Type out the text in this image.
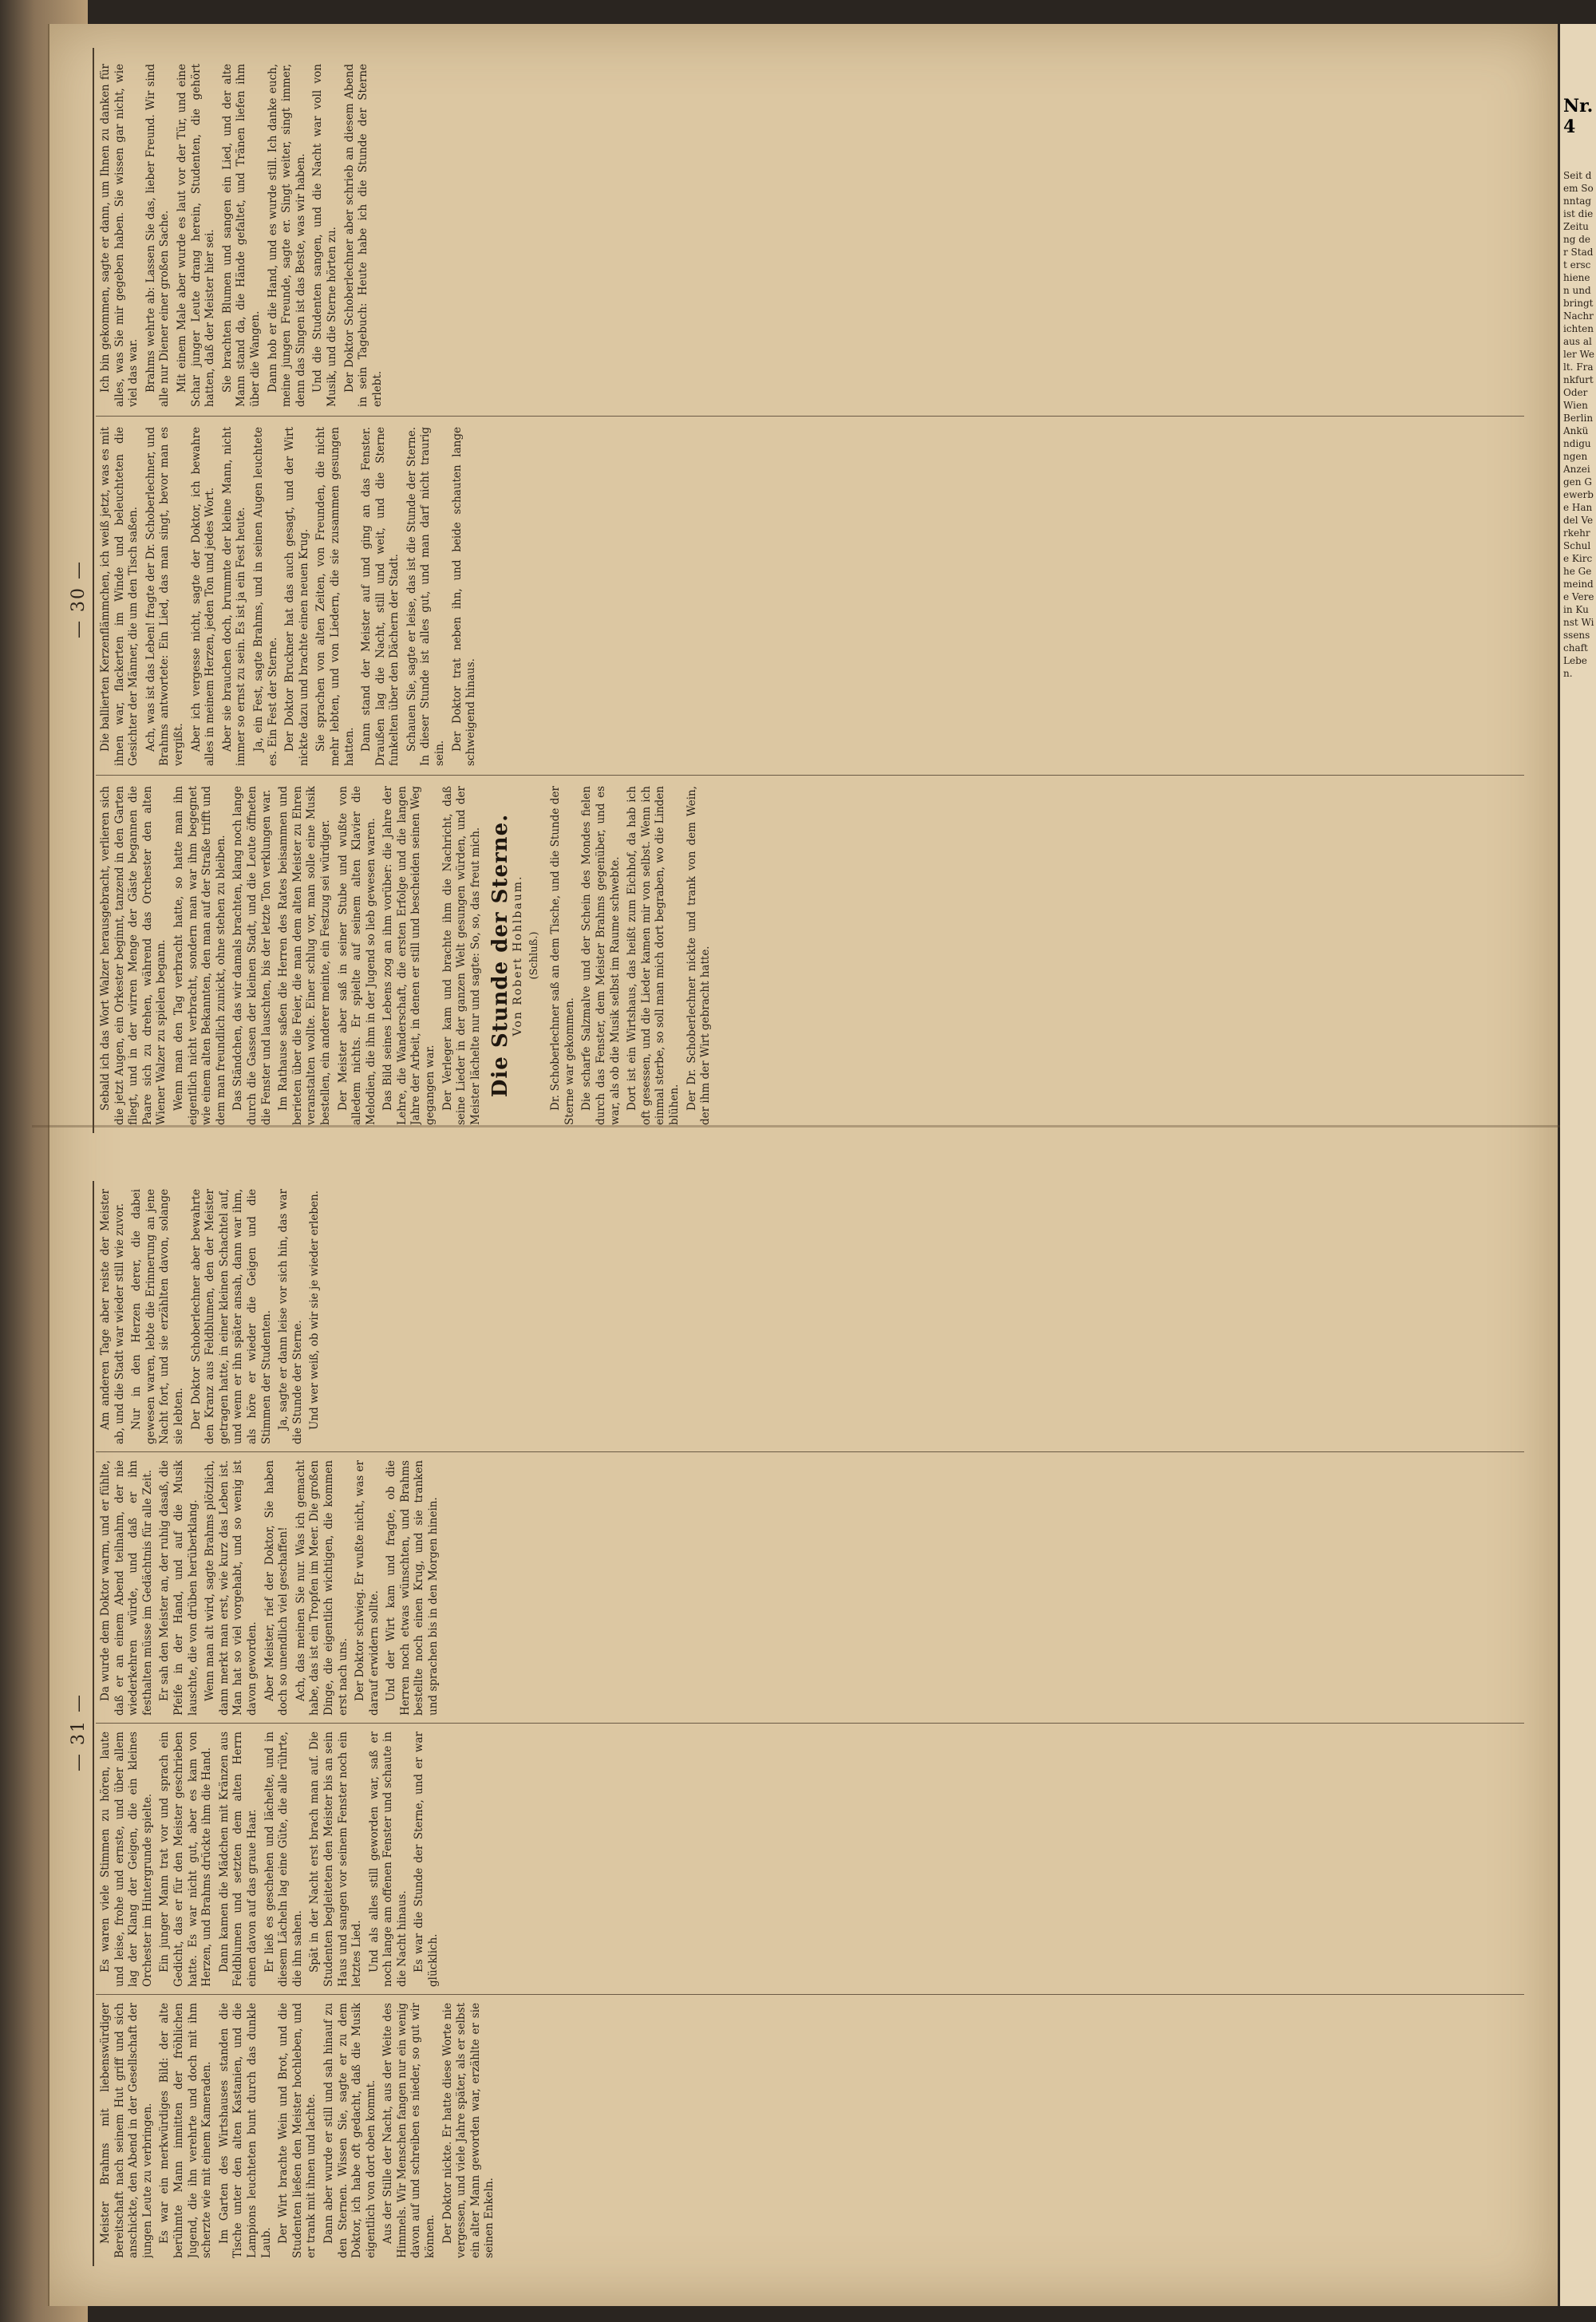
— 30 —

Sebald ich das Wort Walzer herausgebracht, verlieren sich die jetzt Augen, ein Orkester beginnt, tanzend in den Garten fliegt, und in der wirren Menge der Gäste begannen die Paare sich zu drehen, während das Orchester den alten Wiener Walzer zu spielen begann. Wenn man den Tag verbracht hatte, so hatte man ihn eigentlich nicht verbracht, sondern man war ihm begegnet wie einem alten Bekannten, den man auf der Straße trifft und dem man freundlich zunickt, ohne stehen zu bleiben. Das Ständchen, das wir damals brachten, klang noch lange durch die Gassen der kleinen Stadt, und die Leute öffneten die Fenster und lauschten, bis der letzte Ton verklungen war. Im Rathause saßen die Herren des Rates beisammen und berieten über die Feier, die man dem alten Meister zu Ehren veranstalten wollte. Einer schlug vor, man solle eine Musik bestellen, ein anderer meinte, ein Festzug sei würdiger. Der Meister aber saß in seiner Stube und wußte von alledem nichts. Er spielte auf seinem alten Klavier die Melodien, die ihm in der Jugend so lieb gewesen waren. Das Bild seines Lebens zog an ihm vorüber: die Jahre der Lehre, die Wanderschaft, die ersten Erfolge und die langen Jahre der Arbeit, in denen er still und bescheiden seinen Weg gegangen war. Der Verleger kam und brachte ihm die Nachricht, daß seine Lieder in der ganzen Welt gesungen würden, und der Meister lächelte nur und sagte: So, so, das freut mich. Die Stunde der Sterne.
Von Robert Hohlbaum. (Schluß.) Dr. Schoberlechner saß an dem Tische, und die Stunde der Sterne war gekommen. Die scharfe Salzmalve und der Schein des Mondes fielen durch das Fenster, dem Meister Brahms gegenüber, und es war, als ob die Musik selbst im Raume schwebte. Dort ist ein Wirtshaus, das heißt zum Eichhof, da hab ich oft gesessen, und die Lieder kamen mir von selbst. Wenn ich einmal sterbe, so soll man mich dort begraben, wo die Linden blühen. Der Dr. Schoberlechner nickte und trank von dem Wein, der ihm der Wirt gebracht hatte.

Die ballierten Kerzenflämmchen, ich weiß jetzt, was es mit ihnen war, flackerten im Winde und beleuchteten die Gesichter der Männer, die um den Tisch saßen. Ach, was ist das Leben! fragte der Dr. Schoberlechner, und Brahms antwortete: Ein Lied, das man singt, bevor man es vergißt. Aber ich vergesse nicht, sagte der Doktor, ich bewahre alles in meinem Herzen, jeden Ton und jedes Wort. Aber sie brauchen doch, brummte der kleine Mann, nicht immer so ernst zu sein. Es ist ja ein Fest heute. Ja, ein Fest, sagte Brahms, und in seinen Augen leuchtete es. Ein Fest der Sterne. Der Doktor Bruckner hat das auch gesagt, und der Wirt nickte dazu und brachte einen neuen Krug. Sie sprachen von alten Zeiten, von Freunden, die nicht mehr lebten, und von Liedern, die sie zusammen gesungen hatten. Dann stand der Meister auf und ging an das Fenster. Draußen lag die Nacht, still und weit, und die Sterne funkelten über den Dächern der Stadt. Schauen Sie, sagte er leise, das ist die Stunde der Sterne. In dieser Stunde ist alles gut, und man darf nicht traurig sein.

Der Doktor trat neben ihn, und beide schauten lange schweigend hinaus.

Ich bin gekommen, sagte er dann, um Ihnen zu danken für alles, was Sie mir gegeben haben. Sie wissen gar nicht, wie viel das war. Brahms wehrte ab: Lassen Sie das, lieber Freund. Wir sind alle nur Diener einer großen Sache. Mit einem Male aber wurde es laut vor der Tür, und eine Schar junger Leute drang herein, Studenten, die gehört hatten, daß der Meister hier sei. Sie brachten Blumen und sangen ein Lied, und der alte Mann stand da, die Hände gefaltet, und Tränen liefen ihm über die Wangen. Dann hob er die Hand, und es wurde still. Ich danke euch, meine jungen Freunde, sagte er. Singt weiter, singt immer, denn das Singen ist das Beste, was wir haben. Und die Studenten sangen, und die Nacht war voll von Musik, und die Sterne hörten zu. Der Doktor Schoberlechner aber schrieb an diesem Abend in sein Tagebuch: Heute habe ich die Stunde der Sterne erlebt.

— 31 —

Meister Brahms mit liebenswürdiger Bereitschaft nach seinem Hut griff und sich anschickte, den Abend in der Gesellschaft der jungen Leute zu verbringen. Es war ein merkwürdiges Bild: der alte berühmte Mann inmitten der fröhlichen Jugend, die ihn verehrte und doch mit ihm scherzte wie mit einem Kameraden. Im Garten des Wirtshauses standen die Tische unter den alten Kastanien, und die Lampions leuchteten bunt durch das dunkle Laub. Der Wirt brachte Wein und Brot, und die Studenten ließen den Meister hochleben, und er trank mit ihnen und lachte. Dann aber wurde er still und sah hinauf zu den Sternen. Wissen Sie, sagte er zu dem Doktor, ich habe oft gedacht, daß die Musik eigentlich von dort oben kommt. Aus der Stille der Nacht, aus der Weite des Himmels. Wir Menschen fangen nur ein wenig davon auf und schreiben es nieder, so gut wir können. Der Doktor nickte. Er hatte diese Worte nie vergessen, und viele Jahre später, als er selbst ein alter Mann geworden war, erzählte er sie seinen Enkeln.

Es waren viele Stimmen zu hören, laute und leise, frohe und ernste, und über allem lag der Klang der Geigen, die ein kleines Orchester im Hintergrunde spielte. Ein junger Mann trat vor und sprach ein Gedicht, das er für den Meister geschrieben hatte. Es war nicht gut, aber es kam von Herzen, und Brahms drückte ihm die Hand. Dann kamen die Mädchen mit Kränzen aus Feldblumen und setzten dem alten Herrn einen davon auf das graue Haar. Er ließ es geschehen und lächelte, und in diesem Lächeln lag eine Güte, die alle rührte, die ihn sahen. Spät in der Nacht erst brach man auf. Die Studenten begleiteten den Meister bis an sein Haus und sangen vor seinem Fenster noch ein letztes Lied. Und als alles still geworden war, saß er noch lange am offenen Fenster und schaute in die Nacht hinaus. Es war die Stunde der Sterne, und er war glücklich.

Da wurde dem Doktor warm, und er fühlte, daß er an einem Abend teilnahm, der nie wiederkehren würde, und daß er ihn festhalten müsse im Gedächtnis für alle Zeit. Er sah den Meister an, der ruhig dasaß, die Pfeife in der Hand, und auf die Musik lauschte, die von drüben herüberklang. Wenn man alt wird, sagte Brahms plötzlich, dann merkt man erst, wie kurz das Leben ist. Man hat so viel vorgehabt, und so wenig ist davon geworden. Aber Meister, rief der Doktor, Sie haben doch so unendlich viel geschaffen! Ach, das meinen Sie nur. Was ich gemacht habe, das ist ein Tropfen im Meer. Die großen Dinge, die eigentlich wichtigen, die kommen erst nach uns. Der Doktor schwieg. Er wußte nicht, was er darauf erwidern sollte. Und der Wirt kam und fragte, ob die Herren noch etwas wünschten, und Brahms bestellte noch einen Krug, und sie tranken und sprachen bis in den Morgen hinein.

Am anderen Tage aber reiste der Meister ab, und die Stadt war wieder still wie zuvor. Nur in den Herzen derer, die dabei gewesen waren, lebte die Erinnerung an jene Nacht fort, und sie erzählten davon, solange sie lebten. Der Doktor Schoberlechner aber bewahrte den Kranz aus Feldblumen, den der Meister getragen hatte, in einer kleinen Schachtel auf, und wenn er ihn später ansah, dann war ihm, als höre er wieder die Geigen und die Stimmen der Studenten. Ja, sagte er dann leise vor sich hin, das war die Stunde der Sterne. Und wer weiß, ob wir sie je wieder erleben.

Nr. 4
Seit dem Sonntag ist die Zeitung der Stadt erschienen und bringt Nachrichten aus aller Welt. Frankfurt Oder Wien Berlin Ankündigungen Anzeigen Gewerbe Handel Verkehr Schule Kirche Gemeinde Verein Kunst Wissenschaft Leben.
